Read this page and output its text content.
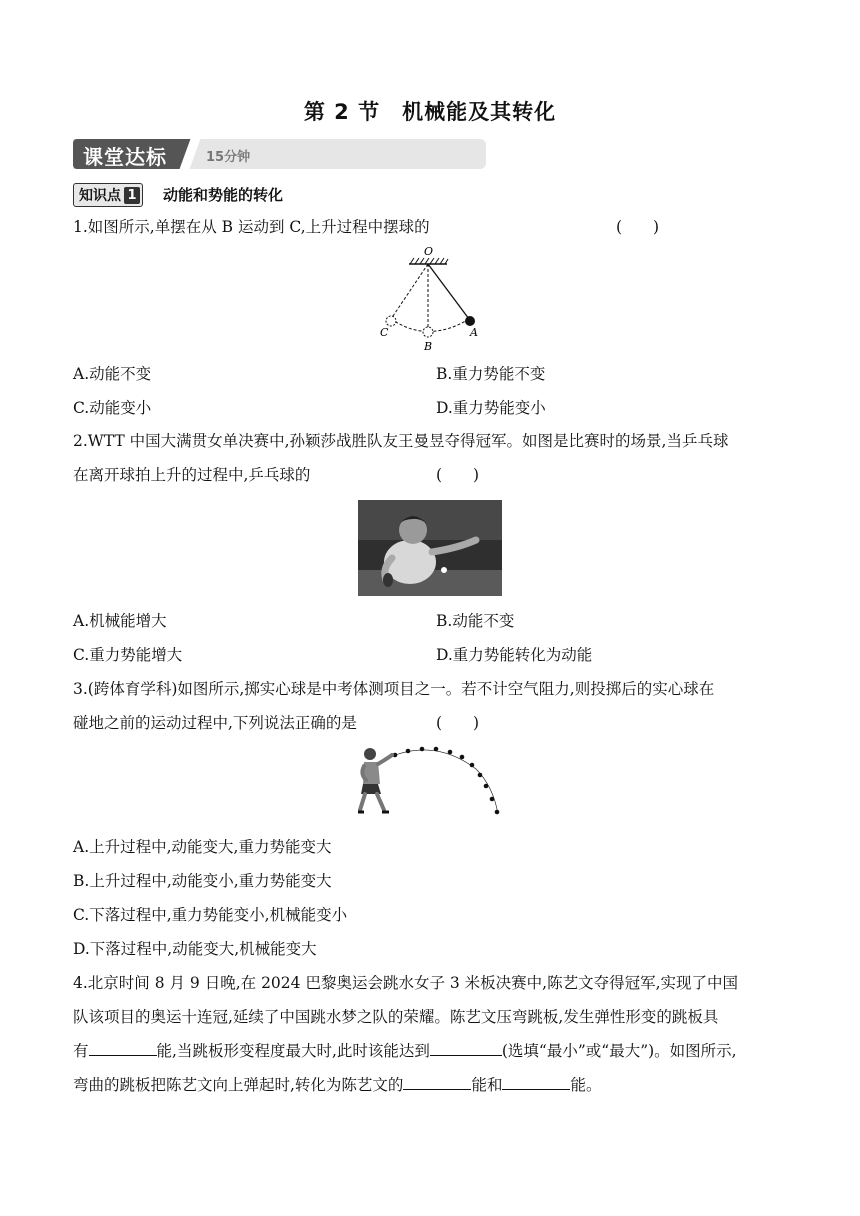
第 2 节　机械能及其转化
课堂达标	15分钟
知识点 1 动能和势能的转化
1.如图所示,单摆在从 B 运动到 C,上升过程中摆球的	(　　)
O
C
B
A
A.动能不变	B.重力势能不变
C.动能变小	D.重力势能变小
2.WTT 中国大满贯女单决赛中,孙颖莎战胜队友王曼昱夺得冠军。如图是比赛时的场景,当乒乓球
在离开球拍上升的过程中,乒乓球的	(　　)
A.机械能增大	B.动能不变
C.重力势能增大	D.重力势能转化为动能
3.(跨体育学科)如图所示,掷实心球是中考体测项目之一。若不计空气阻力,则投掷后的实心球在
碰地之前的运动过程中,下列说法正确的是	(　　)
A.上升过程中,动能变大,重力势能变大
B.上升过程中,动能变小,重力势能变大
C.下落过程中,重力势能变小,机械能变小
D.下落过程中,动能变大,机械能变大
4.北京时间 8 月 9 日晚,在 2024 巴黎奥运会跳水女子 3 米板决赛中,陈艺文夺得冠军,实现了中国
队该项目的奥运十连冠,延续了中国跳水梦之队的荣耀。陈艺文压弯跳板,发生弹性形变的跳板具
有	能,当跳板形变程度最大时,此时该能达到	(选填“最小”或“最大”)。如图所示,
弯曲的跳板把陈艺文向上弹起时,转化为陈艺文的	能和	能。
